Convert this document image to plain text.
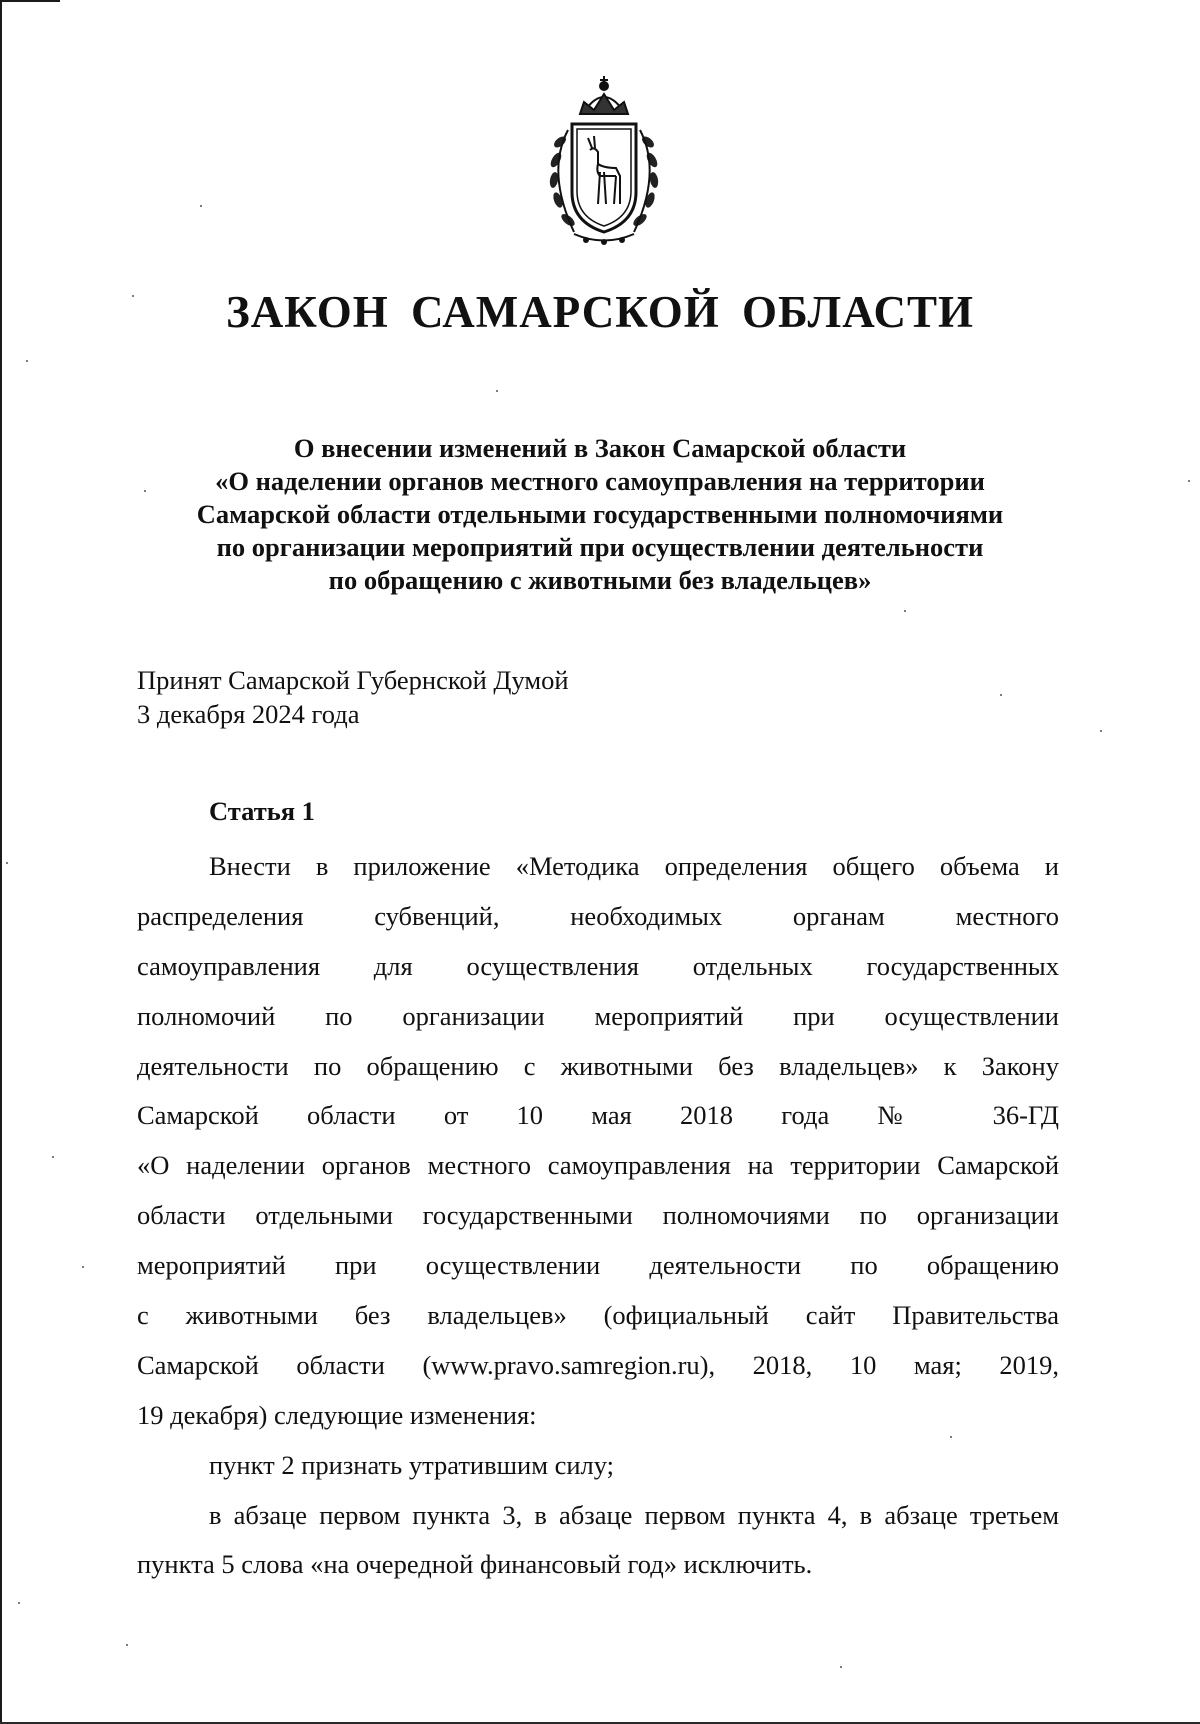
ЗАКОН САМАРСКОЙ ОБЛАСТИ
О внесении изменений в Закон Самарской области
«О наделении органов местного самоуправления на территории
Самарской области отдельными государственными полномочиями
по организации мероприятий при осуществлении деятельности
по обращению с животными без владельцев»
Принят Самарской Губернской Думой
3 декабря 2024 года
Статья 1
Внести в приложение «Методика определения общего объема и
распределения субвенций, необходимых органам местного
самоуправления для осуществления отдельных государственных
полномочий по организации мероприятий при осуществлении
деятельности по обращению с животными без владельцев» к Закону
Самарской области от 10 мая 2018 года № 36-ГД
«О наделении органов местного самоуправления на территории Самарской
области отдельными государственными полномочиями по организации
мероприятий при осуществлении деятельности по обращению
с животными без владельцев» (официальный сайт Правительства
Самарской области (www.pravo.samregion.ru), 2018, 10 мая; 2019,
19 декабря) следующие изменения:
пункт 2 признать утратившим силу;
в абзаце первом пункта 3, в абзаце первом пункта 4, в абзаце третьем
пункта 5 слова «на очередной финансовый год» исключить.
